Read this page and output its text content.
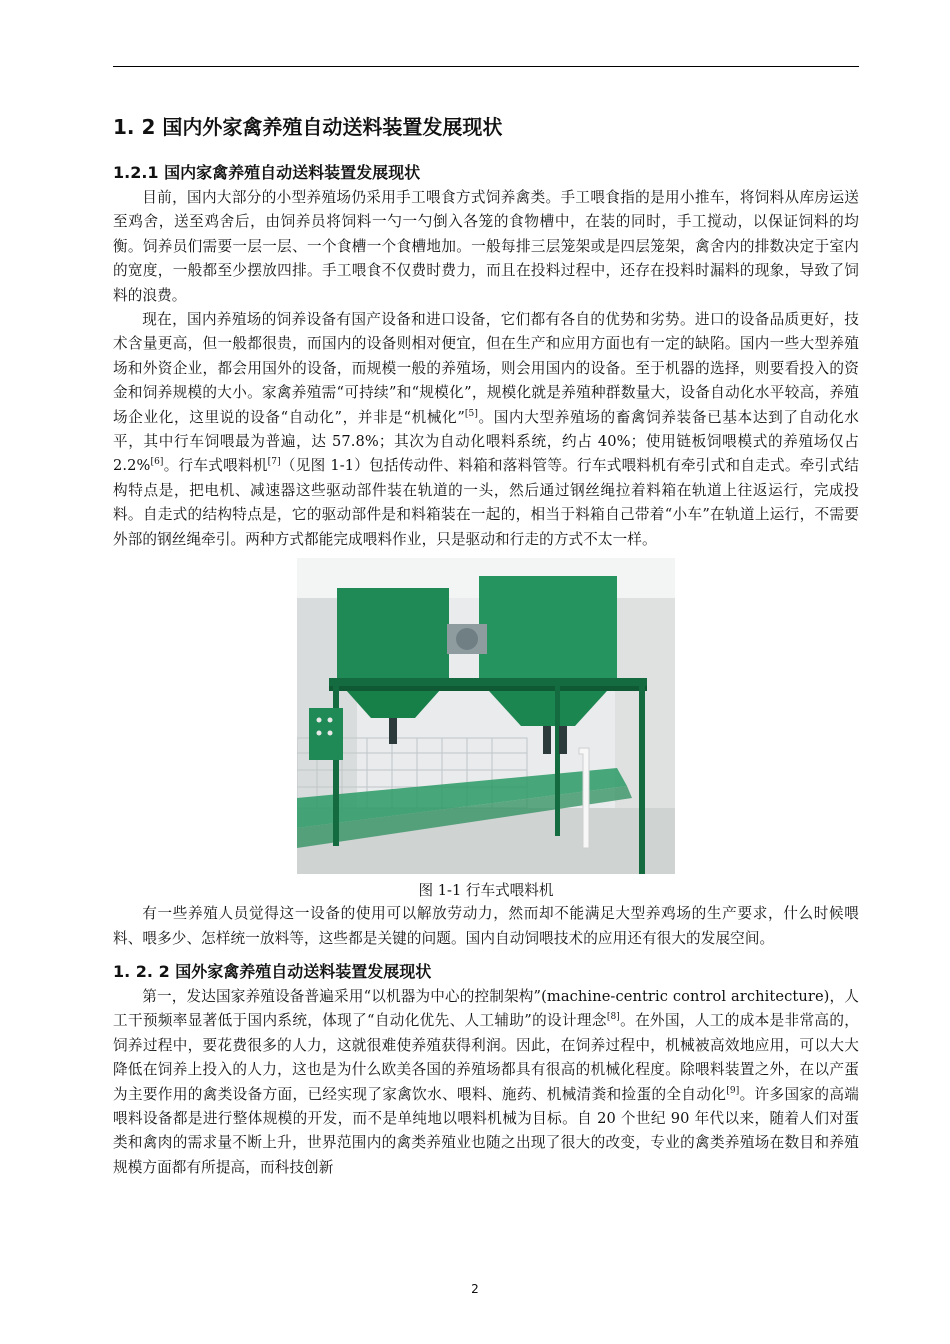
1. 2 国内外家禽养殖自动送料装置发展现状
1.2.1 国内家禽养殖自动送料装置发展现状

目前，国内大部分的小型养殖场仍采用手工喂食方式饲养禽类。手工喂食指的是用小推车，将饲料从库房运送至鸡舍，送至鸡舍后，由饲养员将饲料一勺一勺倒入各笼的食物槽中，在装的同时，手工搅动，以保证饲料的均衡。饲养员们需要一层一层、一个食槽一个食槽地加。一般每排三层笼架或是四层笼架，禽舍内的排数决定于室内的宽度，一般都至少摆放四排。手工喂食不仅费时费力，而且在投料过程中，还存在投料时漏料的现象，导致了饲料的浪费。

现在，国内养殖场的饲养设备有国产设备和进口设备，它们都有各自的优势和劣势。进口的设备品质更好，技术含量更高，但一般都很贵，而国内的设备则相对便宜，但在生产和应用方面也有一定的缺陷。国内一些大型养殖场和外资企业，都会用国外的设备，而规模一般的养殖场，则会用国内的设备。至于机器的选择，则要看投入的资金和饲养规模的大小。家禽养殖需“可持续”和“规模化”，规模化就是养殖种群数量大，设备自动化水平较高，养殖场企业化，这里说的设备“自动化”，并非是“机械化”[5]。国内大型养殖场的畜禽饲养装备已基本达到了自动化水平，其中行车饲喂最为普遍，达 57.8%；其次为自动化喂料系统，约占 40%；使用链板饲喂模式的养殖场仅占 2.2%[6]。行车式喂料机[7]（见图 1-1）包括传动件、料箱和落料管等。行车式喂料机有牵引式和自走式。牵引式结构特点是，把电机、减速器这些驱动部件装在轨道的一头，然后通过钢丝绳拉着料箱在轨道上往返运行，完成投料。自走式的结构特点是，它的驱动部件是和料箱装在一起的，相当于料箱自己带着“小车”在轨道上运行，不需要外部的钢丝绳牵引。两种方式都能完成喂料作业，只是驱动和行走的方式不太一样。

图 1-1 行车式喂料机

有一些养殖人员觉得这一设备的使用可以解放劳动力，然而却不能满足大型养鸡场的生产要求，什么时候喂料、喂多少、怎样统一放料等，这些都是关键的问题。国内自动饲喂技术的应用还有很大的发展空间。

1. 2. 2 国外家禽养殖自动送料装置发展现状

第一，发达国家养殖设备普遍采用“以机器为中心的控制架构”(machine-centric control architecture)，人工干预频率显著低于国内系统，体现了“自动化优先、人工辅助”的设计理念[8]。在外国，人工的成本是非常高的，饲养过程中，要花费很多的人力，这就很难使养殖获得利润。因此，在饲养过程中，机械被高效地应用，可以大大降低在饲养上投入的人力，这也是为什么欧美各国的养殖场都具有很高的机械化程度。除喂料装置之外，在以产蛋为主要作用的禽类设备方面，已经实现了家禽饮水、喂料、施药、机械清粪和捡蛋的全自动化[9]。许多国家的高端喂料设备都是进行整体规模的开发，而不是单纯地以喂料机械为目标。自 20 个世纪 90 年代以来，随着人们对蛋类和禽肉的需求量不断上升，世界范围内的禽类养殖业也随之出现了很大的改变，专业的禽类养殖场在数目和养殖规模方面都有所提高，而科技创新

2
